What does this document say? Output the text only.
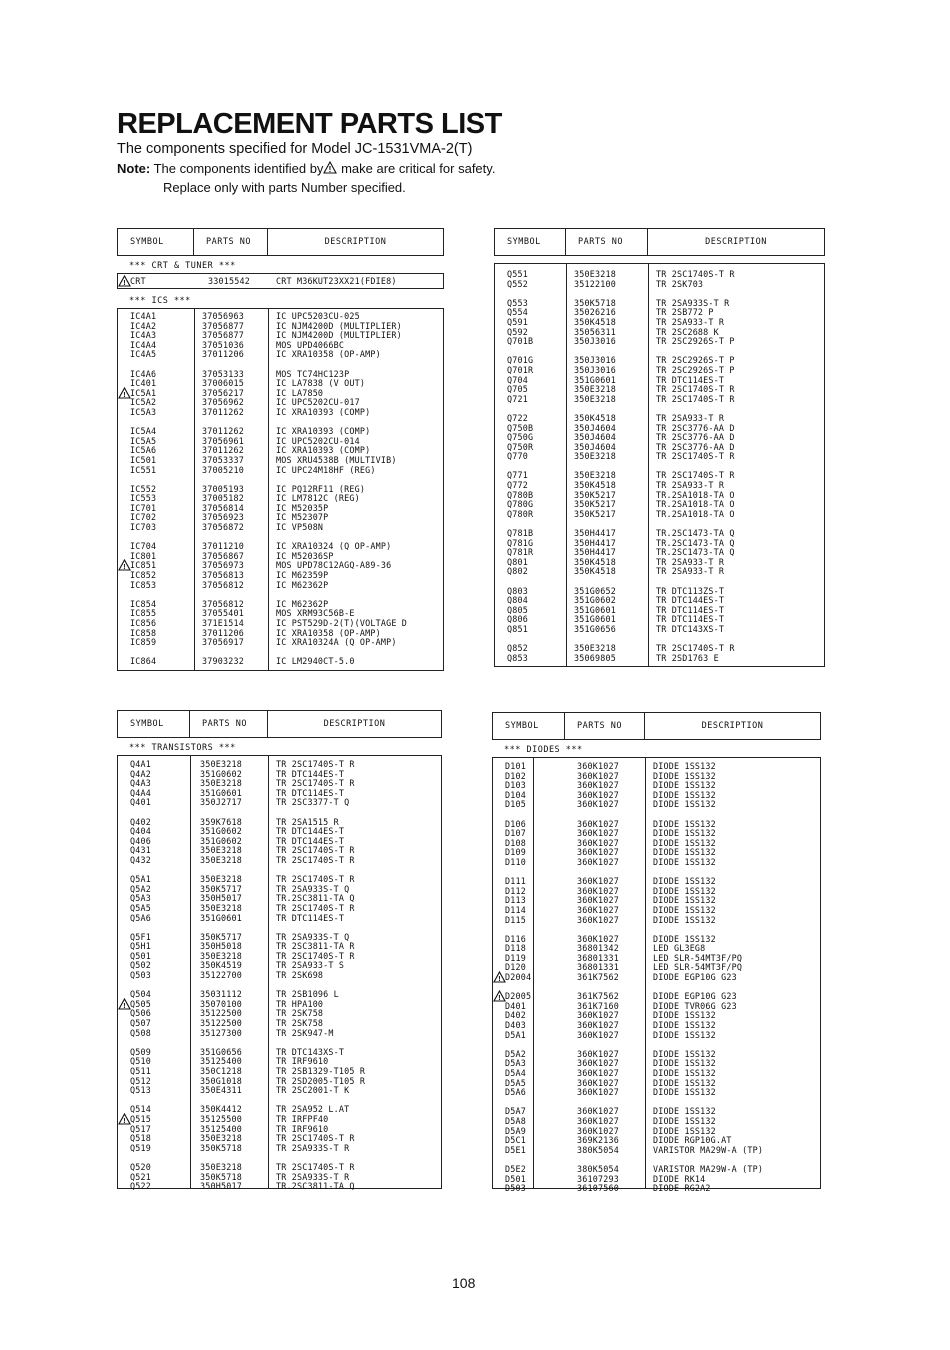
REPLACEMENT PARTS LIST
The components specified for Model JC-1531VMA-2(T)
Note: The components identified by ! make are critical for safety.
Replace only with parts Number specified.
SYMBOL	PARTS NO	DESCRIPTION
*** CRT & TUNER ***
! CRT	33015542	CRT M36KUT23XX21(FDIE8)
*** ICS ***
IC4A1	37056963	IC UPC5203CU-025
IC4A2	37056877	IC NJM4200D (MULTIPLIER)
IC4A3	37056877	IC NJM4200D (MULTIPLIER)
IC4A4	37051036	MOS UPD4066BC
IC4A5	37011206	IC XRA10358 (OP-AMP)
IC4A6	37053133	MOS TC74HC123P
IC401	37006015	IC LA7838 (V OUT)
! IC5A1	37056217	IC LA7850
IC5A2	37056962	IC UPC5202CU-017
IC5A3	37011262	IC XRA10393 (COMP)
IC5A4	37011262	IC XRA10393 (COMP)
IC5A5	37056961	IC UPC5202CU-014
IC5A6	37011262	IC XRA10393 (COMP)
IC501	37053337	MOS XRU4538B (MULTIVIB)
IC551	37005210	IC UPC24M18HF (REG)
IC552	37005193	IC PQ12RF11 (REG)
IC553	37005182	IC LM7812C (REG)
IC701	37056814	IC M52035P
IC702	37056923	IC M52307P
IC703	37056872	IC VP508N
IC704	37011210	IC XRA10324 (Q OP-AMP)
IC801	37056867	IC M52036SP
! IC851	37056973	MOS UPD78C12AGQ-A89-36
IC852	37056813	IC M62359P
IC853	37056812	IC M62362P
IC854	37056812	IC M62362P
IC855	37055401	MOS XRM93C56B-E
IC856	371E1514	IC PST529D-2(T)(VOLTAGE D
IC858	37011206	IC XRA10358 (OP-AMP)
IC859	37056917	IC XRA10324A (Q OP-AMP)
IC864	37903232	IC LM2940CT-5.0
SYMBOL	PARTS NO	DESCRIPTION
Q551	350E3218	TR 2SC1740S-T R
Q552	35122100	TR 2SK703
Q553	350K5718	TR 2SA933S-T R
Q554	35026216	TR 2SB772 P
Q591	350K4518	TR 2SA933-T R
Q592	35056311	TR 2SC2688 K
Q701B	350J3016	TR 2SC2926S-T P
Q701G	350J3016	TR 2SC2926S-T P
Q701R	350J3016	TR 2SC2926S-T P
Q704	351G0601	TR DTC114ES-T
Q705	350E3218	TR 2SC1740S-T R
Q721	350E3218	TR 2SC1740S-T R
Q722	350K4518	TR 2SA933-T R
Q750B	350J4604	TR 2SC3776-AA D
Q750G	350J4604	TR 2SC3776-AA D
Q750R	350J4604	TR 2SC3776-AA D
Q770	350E3218	TR 2SC1740S-T R
Q771	350E3218	TR 2SC1740S-T R
Q772	350K4518	TR 2SA933-T R
Q780B	350K5217	TR.2SA1018-TA O
Q780G	350K5217	TR.2SA1018-TA O
Q780R	350K5217	TR.2SA1018-TA O
Q781B	350H4417	TR.2SC1473-TA Q
Q781G	350H4417	TR.2SC1473-TA Q
Q781R	350H4417	TR.2SC1473-TA Q
Q801	350K4518	TR 2SA933-T R
Q802	350K4518	TR 2SA933-T R
Q803	351G0652	TR DTC113ZS-T
Q804	351G0602	TR DTC144ES-T
Q805	351G0601	TR DTC114ES-T
Q806	351G0601	TR DTC114ES-T
Q851	351G0656	TR DTC143XS-T
Q852	350E3218	TR 2SC1740S-T R
Q853	35069805	TR 2SD1763 E
SYMBOL	PARTS NO	DESCRIPTION
*** TRANSISTORS ***
Q4A1	350E3218	TR 2SC1740S-T R
Q4A2	351G0602	TR DTC144ES-T
Q4A3	350E3218	TR 2SC1740S-T R
Q4A4	351G0601	TR DTC114ES-T
Q401	350J2717	TR 2SC3377-T Q
Q402	359K7618	TR 2SA1515 R
Q404	351G0602	TR DTC144ES-T
Q406	351G0602	TR DTC144ES-T
Q431	350E3218	TR 2SC1740S-T R
Q432	350E3218	TR 2SC1740S-T R
Q5A1	350E3218	TR 2SC1740S-T R
Q5A2	350K5717	TR 2SA933S-T Q
Q5A3	350H5017	TR.2SC3811-TA Q
Q5A5	350E3218	TR 2SC1740S-T R
Q5A6	351G0601	TR DTC114ES-T
Q5F1	350K5717	TR 2SA933S-T Q
Q5H1	350H5018	TR 2SC3811-TA R
Q501	350E3218	TR 2SC1740S-T R
Q502	350K4519	TR 2SA933-T S
Q503	35122700	TR 2SK698
Q504	35031112	TR 2SB1096 L
! Q505	35070100	TR HPA100
Q506	35122500	TR 2SK758
Q507	35122500	TR 2SK758
Q508	35127300	TR 2SK947-M
Q509	351G0656	TR DTC143XS-T
Q510	35125400	TR IRF9610
Q511	350C1218	TR 2SB1329-T105 R
Q512	350G1018	TR 2SD2005-T105 R
Q513	350E4311	TR 2SC2001-T K
Q514	350K4412	TR 2SA952 L.AT
! Q515	35125500	TR IRFPF40
Q517	35125400	TR IRF9610
Q518	350E3218	TR 2SC1740S-T R
Q519	350K5718	TR 2SA933S-T R
Q520	350E3218	TR 2SC1740S-T R
Q521	350K5718	TR 2SA933S-T R
Q522	350H5017	TR.2SC3811-TA Q
SYMBOL	PARTS NO	DESCRIPTION
*** DIODES ***
D101	360K1027	DIODE 1SS132
D102	360K1027	DIODE 1SS132
D103	360K1027	DIODE 1SS132
D104	360K1027	DIODE 1SS132
D105	360K1027	DIODE 1SS132
D106	360K1027	DIODE 1SS132
D107	360K1027	DIODE 1SS132
D108	360K1027	DIODE 1SS132
D109	360K1027	DIODE 1SS132
D110	360K1027	DIODE 1SS132
D111	360K1027	DIODE 1SS132
D112	360K1027	DIODE 1SS132
D113	360K1027	DIODE 1SS132
D114	360K1027	DIODE 1SS132
D115	360K1027	DIODE 1SS132
D116	360K1027	DIODE 1SS132
D118	36801342	LED GL3EG8
D119	36801331	LED SLR-54MT3F/PQ
D120	36801331	LED SLR-54MT3F/PQ
! D2004	361K7562	DIODE EGP10G G23
! D2005	361K7562	DIODE EGP10G G23
D401	361K7160	DIODE TVR06G G23
D402	360K1027	DIODE 1SS132
D403	360K1027	DIODE 1SS132
D5A1	360K1027	DIODE 1SS132
D5A2	360K1027	DIODE 1SS132
D5A3	360K1027	DIODE 1SS132
D5A4	360K1027	DIODE 1SS132
D5A5	360K1027	DIODE 1SS132
D5A6	360K1027	DIODE 1SS132
D5A7	360K1027	DIODE 1SS132
D5A8	360K1027	DIODE 1SS132
D5A9	360K1027	DIODE 1SS132
D5C1	369K2136	DIODE RGP10G.AT
D5E1	380K5054	VARISTOR MA29W-A (TP)
D5E2	380K5054	VARISTOR MA29W-A (TP)
D501	36107293	DIODE RK14
D503	36107560	DIODE RG2A2
108
